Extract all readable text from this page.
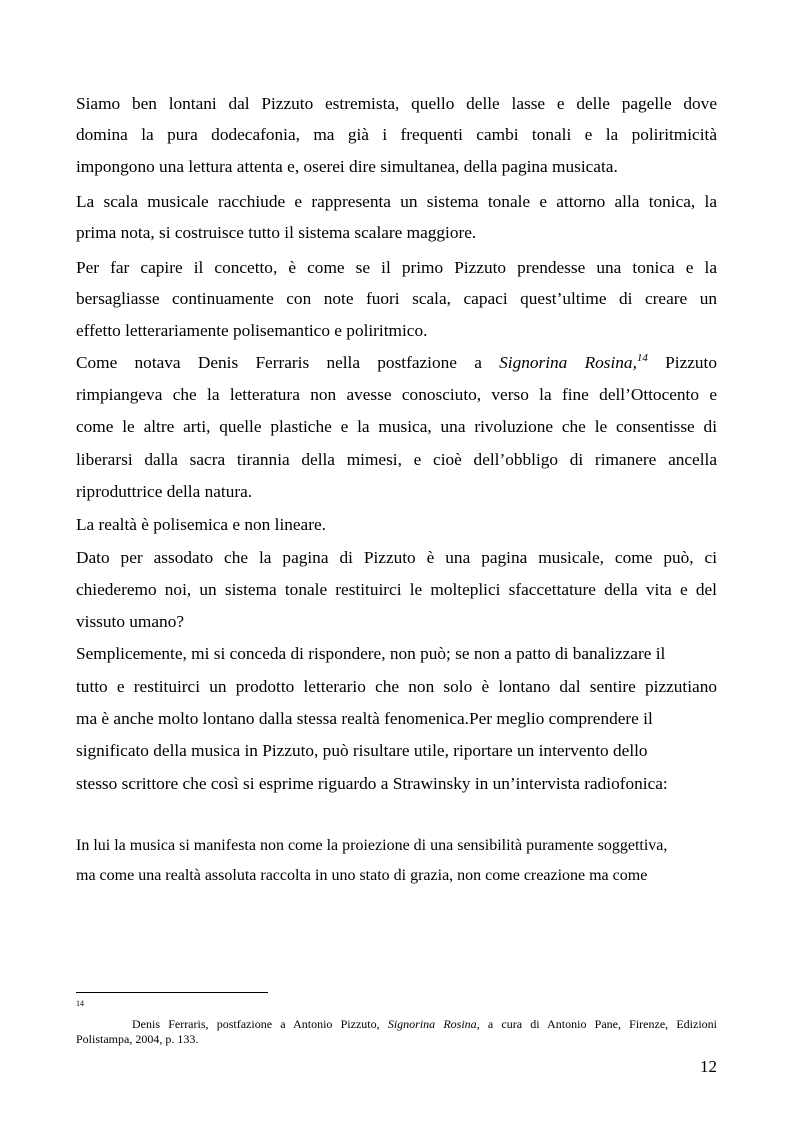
Siamo ben lontani dal Pizzuto estremista, quello delle lasse e delle pagelle dove
domina la pura dodecafonia, ma già i frequenti cambi tonali e la poliritmicità
impongono una lettura attenta e, oserei dire simultanea, della pagina musicata.
La scala musicale racchiude e rappresenta un sistema tonale e attorno alla tonica, la
prima nota, si costruisce tutto il sistema scalare maggiore.
Per far capire il concetto, è come se il primo Pizzuto prendesse una tonica e la
bersagliasse continuamente con note fuori scala, capaci quest’ultime di creare un
effetto letterariamente polisemantico e poliritmico.
Come notava Denis Ferraris nella postfazione a Signorina Rosina,$^{14}$ Pizzuto
rimpiangeva che la letteratura non avesse conosciuto, verso la fine dell’Ottocento e
come le altre arti, quelle plastiche e la musica, una rivoluzione che le consentisse di
liberarsi dalla sacra tirannia della mimesi, e cioè dell’obbligo di rimanere ancella
riproduttrice della natura.
La realtà è polisemica e non lineare.
Dato per assodato che la pagina di Pizzuto è una pagina musicale, come può, ci
chiederemo noi, un sistema tonale restituirci le molteplici sfaccettature della vita e del
vissuto umano?
Semplicemente, mi si conceda di rispondere, non può; se non a patto di banalizzare il
tutto e restituirci un prodotto letterario che non solo è lontano dal sentire pizzutiano
ma è anche molto lontano dalla stessa realtà fenomenica.Per meglio comprendere il
significato della musica in Pizzuto, può risultare utile, riportare un intervento dello
stesso scrittore che così si esprime riguardo a Strawinsky in un’intervista radiofonica:
In lui la musica si manifesta non come la proiezione di una sensibilità puramente soggettiva,
ma come una realtà assoluta raccolta in uno stato di grazia, non come creazione ma come
14
Denis Ferraris, postfazione a Antonio Pizzuto, Signorina Rosina, a cura di Antonio Pane, Firenze, Edizioni
Polistampa, 2004, p. 133.
12
